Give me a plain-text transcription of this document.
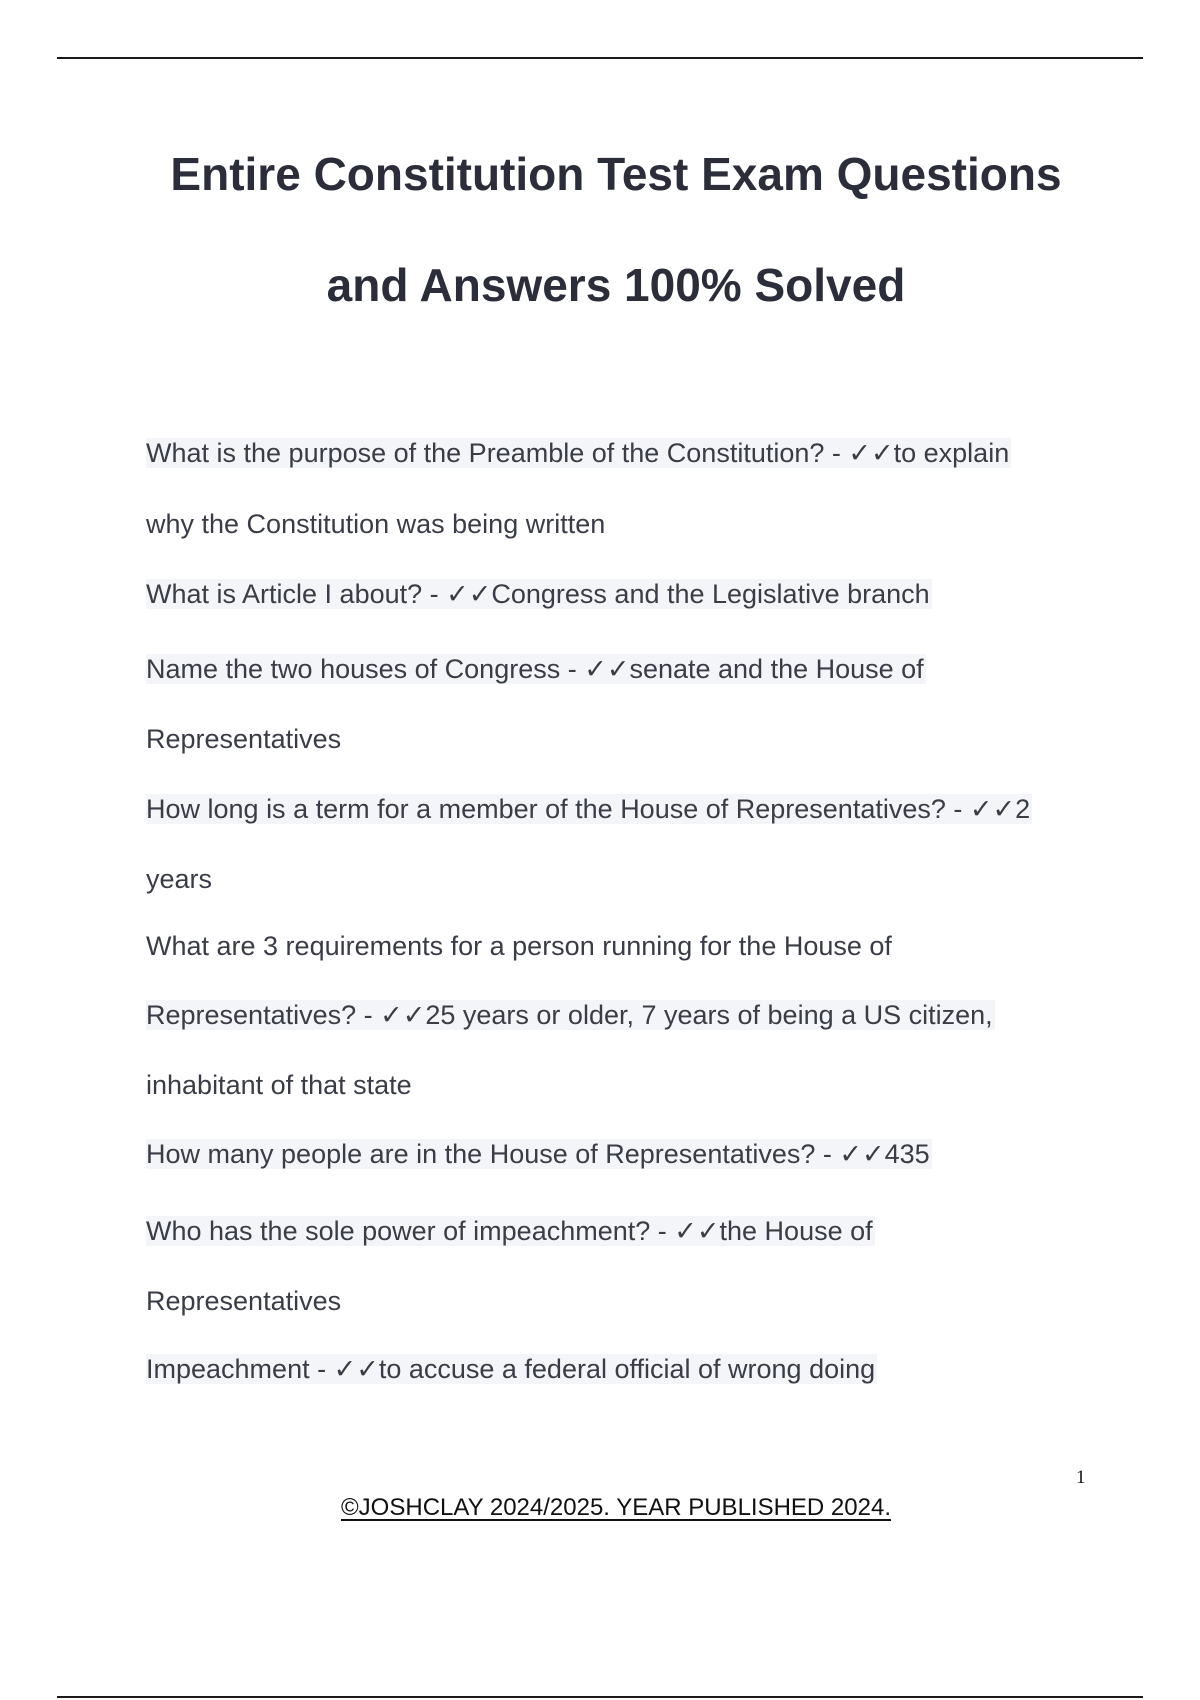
Entire Constitution Test Exam Questions
and Answers 100% Solved
What is the purpose of the Preamble of the Constitution? - ✓✓to explain
why the Constitution was being written
What is Article I about? - ✓✓Congress and the Legislative branch
Name the two houses of Congress - ✓✓senate and the House of
Representatives
How long is a term for a member of the House of Representatives? - ✓✓2
years
What are 3 requirements for a person running for the House of
Representatives? - ✓✓25 years or older, 7 years of being a US citizen,
inhabitant of that state
How many people are in the House of Representatives? - ✓✓435
Who has the sole power of impeachment? - ✓✓the House of
Representatives
Impeachment - ✓✓to accuse a federal official of wrong doing
1
©JOSHCLAY 2024/2025. YEAR PUBLISHED 2024.
